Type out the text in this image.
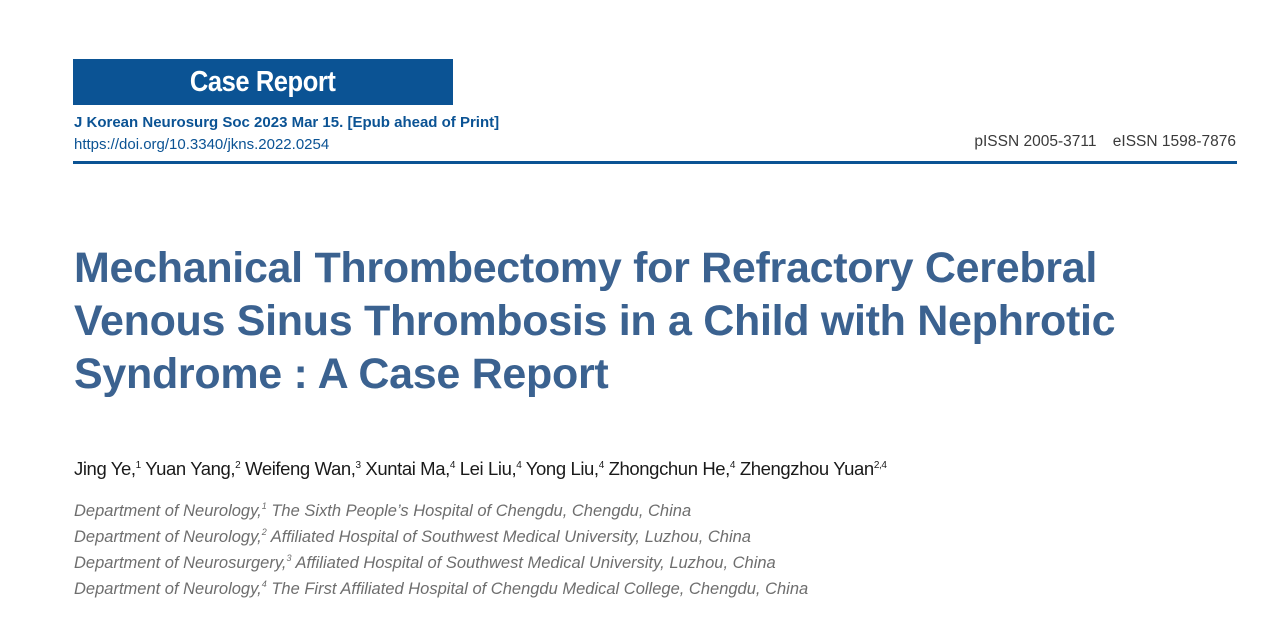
Case Report
J Korean Neurosurg Soc 2023 Mar 15. [Epub ahead of Print]
https://doi.org/10.3340/jkns.2022.0254	pISSN 2005-3711 eISSN 1598-7876
Mechanical Thrombectomy for Refractory Cerebral
Venous Sinus Thrombosis in a Child with Nephrotic
Syndrome : A Case Report
Jing Ye,$^1$ Yuan Yang,$^2$ Weifeng Wan,$^3$ Xuntai Ma,$^4$ Lei Liu,$^4$ Yong Liu,$^4$ Zhongchun He,$^4$ Zhengzhou Yuan$^{2,4}$
Department of Neurology,$^1$ The Sixth People’s Hospital of Chengdu, Chengdu, China
Department of Neurology,$^2$ Affiliated Hospital of Southwest Medical University, Luzhou, China
Department of Neurosurgery,$^3$ Affiliated Hospital of Southwest Medical University, Luzhou, China
Department of Neurology,$^4$ The First Affiliated Hospital of Chengdu Medical College, Chengdu, China
